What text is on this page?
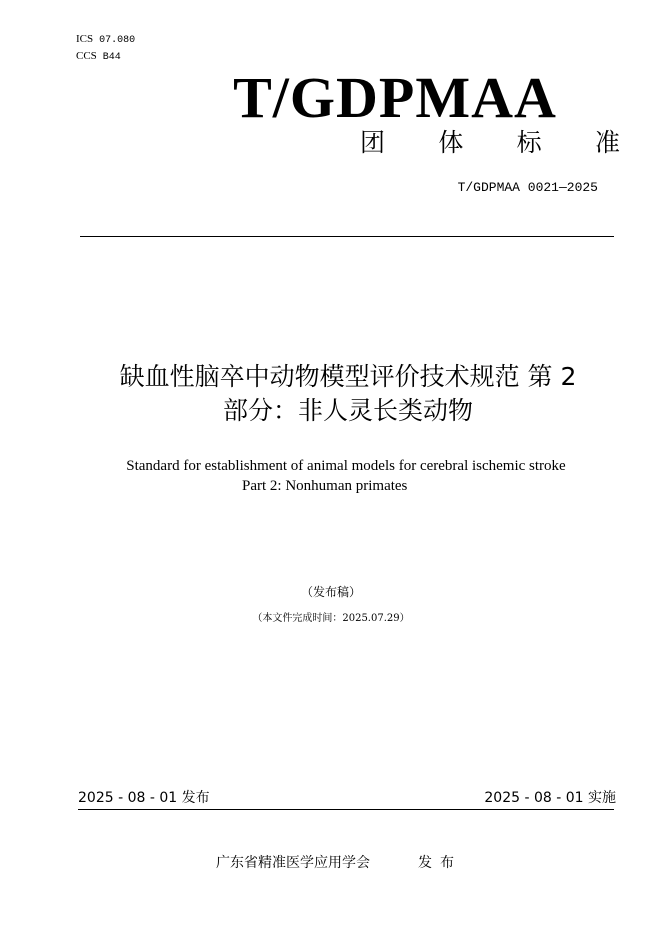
ICS 07.080
CCS B44
T/GDPMAA
团 体 标 准
T/GDPMAA 0021—2025
缺血性脑卒中动物模型评价技术规范 第 2
部分：非人灵长类动物
Standard for establishment of animal models for cerebral ischemic stroke
Part 2: Nonhuman primates
（发布稿）
（本文件完成时间：2025.07.29）
2025 - 08 - 01 发布	2025 - 08 - 01 实施
广东省精准医学应用学会	发布
